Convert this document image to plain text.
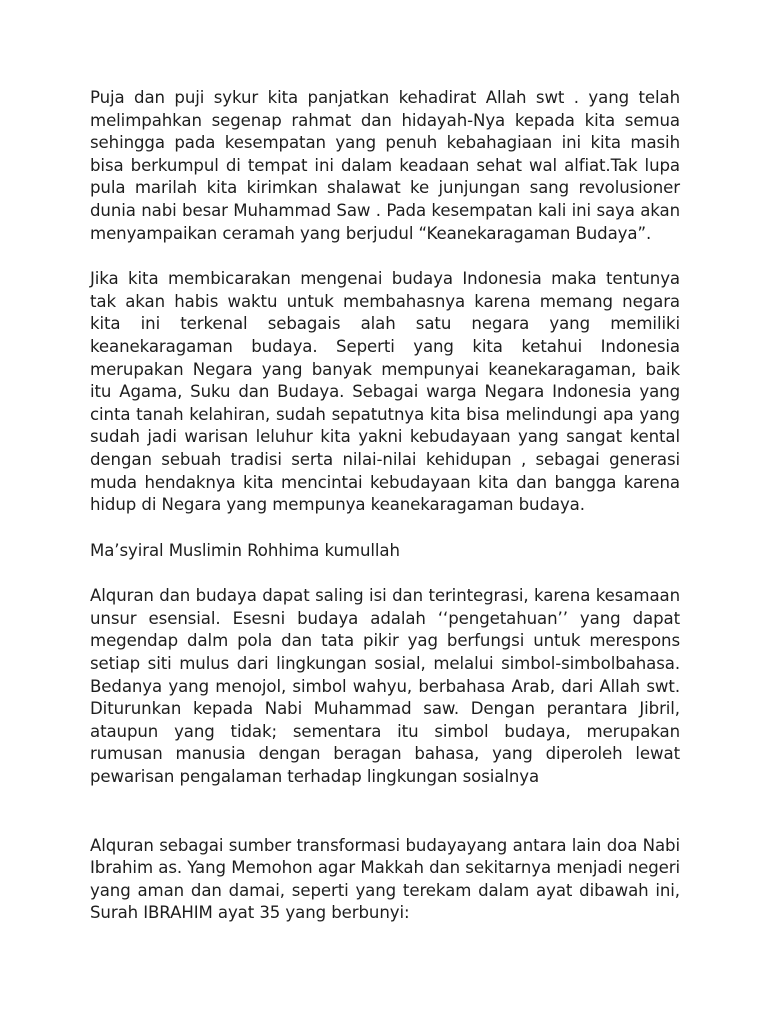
Puja dan puji sykur kita panjatkan kehadirat Allah swt . yang telah melimpahkan segenap rahmat dan hidayah-Nya kepada kita semua sehingga pada kesempatan yang penuh kebahagiaan ini kita masih bisa berkumpul di tempat ini dalam keadaan sehat wal alfiat.Tak lupa pula marilah kita kirimkan shalawat ke junjungan sang revolusioner dunia nabi besar Muhammad Saw . Pada kesempatan kali ini saya akan menyampaikan ceramah yang berjudul “Keanekaragaman Budaya”.

Jika kita membicarakan mengenai budaya Indonesia maka tentunya tak akan habis waktu untuk membahasnya karena memang negara kita ini terkenal sebagais alah satu negara yang memiliki keanekaragaman budaya. Seperti yang kita ketahui Indonesia merupakan Negara yang banyak mempunyai keanekaragaman, baik itu Agama, Suku dan Budaya. Sebagai warga Negara Indonesia yang cinta tanah kelahiran, sudah sepatutnya kita bisa melindungi apa yang sudah jadi warisan leluhur kita yakni kebudayaan yang sangat kental dengan sebuah tradisi serta nilai-nilai kehidupan , sebagai generasi muda hendaknya kita mencintai kebudayaan kita dan bangga karena hidup di Negara yang mempunya keanekaragaman budaya.

Ma’syiral Muslimin Rohhima kumullah

Alquran dan budaya dapat saling isi dan terintegrasi, karena kesamaan unsur esensial. Esesni budaya adalah ‘‘pengetahuan’’ yang dapat megendap dalm pola dan tata pikir yag berfungsi untuk merespons setiap siti mulus dari lingkungan sosial, melalui simbol-simbolbahasa. Bedanya yang menojol, simbol wahyu, berbahasa Arab, dari Allah swt. Diturunkan kepada Nabi Muhammad saw. Dengan perantara Jibril, ataupun yang tidak; sementara itu simbol budaya, merupakan rumusan manusia dengan beragan bahasa, yang diperoleh lewat pewarisan pengalaman terhadap lingkungan sosialnya

Alquran sebagai sumber transformasi budayayang antara lain doa Nabi Ibrahim as. Yang Memohon agar Makkah dan sekitarnya menjadi negeri yang aman dan damai, seperti yang terekam dalam ayat dibawah ini, Surah IBRAHIM ayat 35 yang berbunyi:
